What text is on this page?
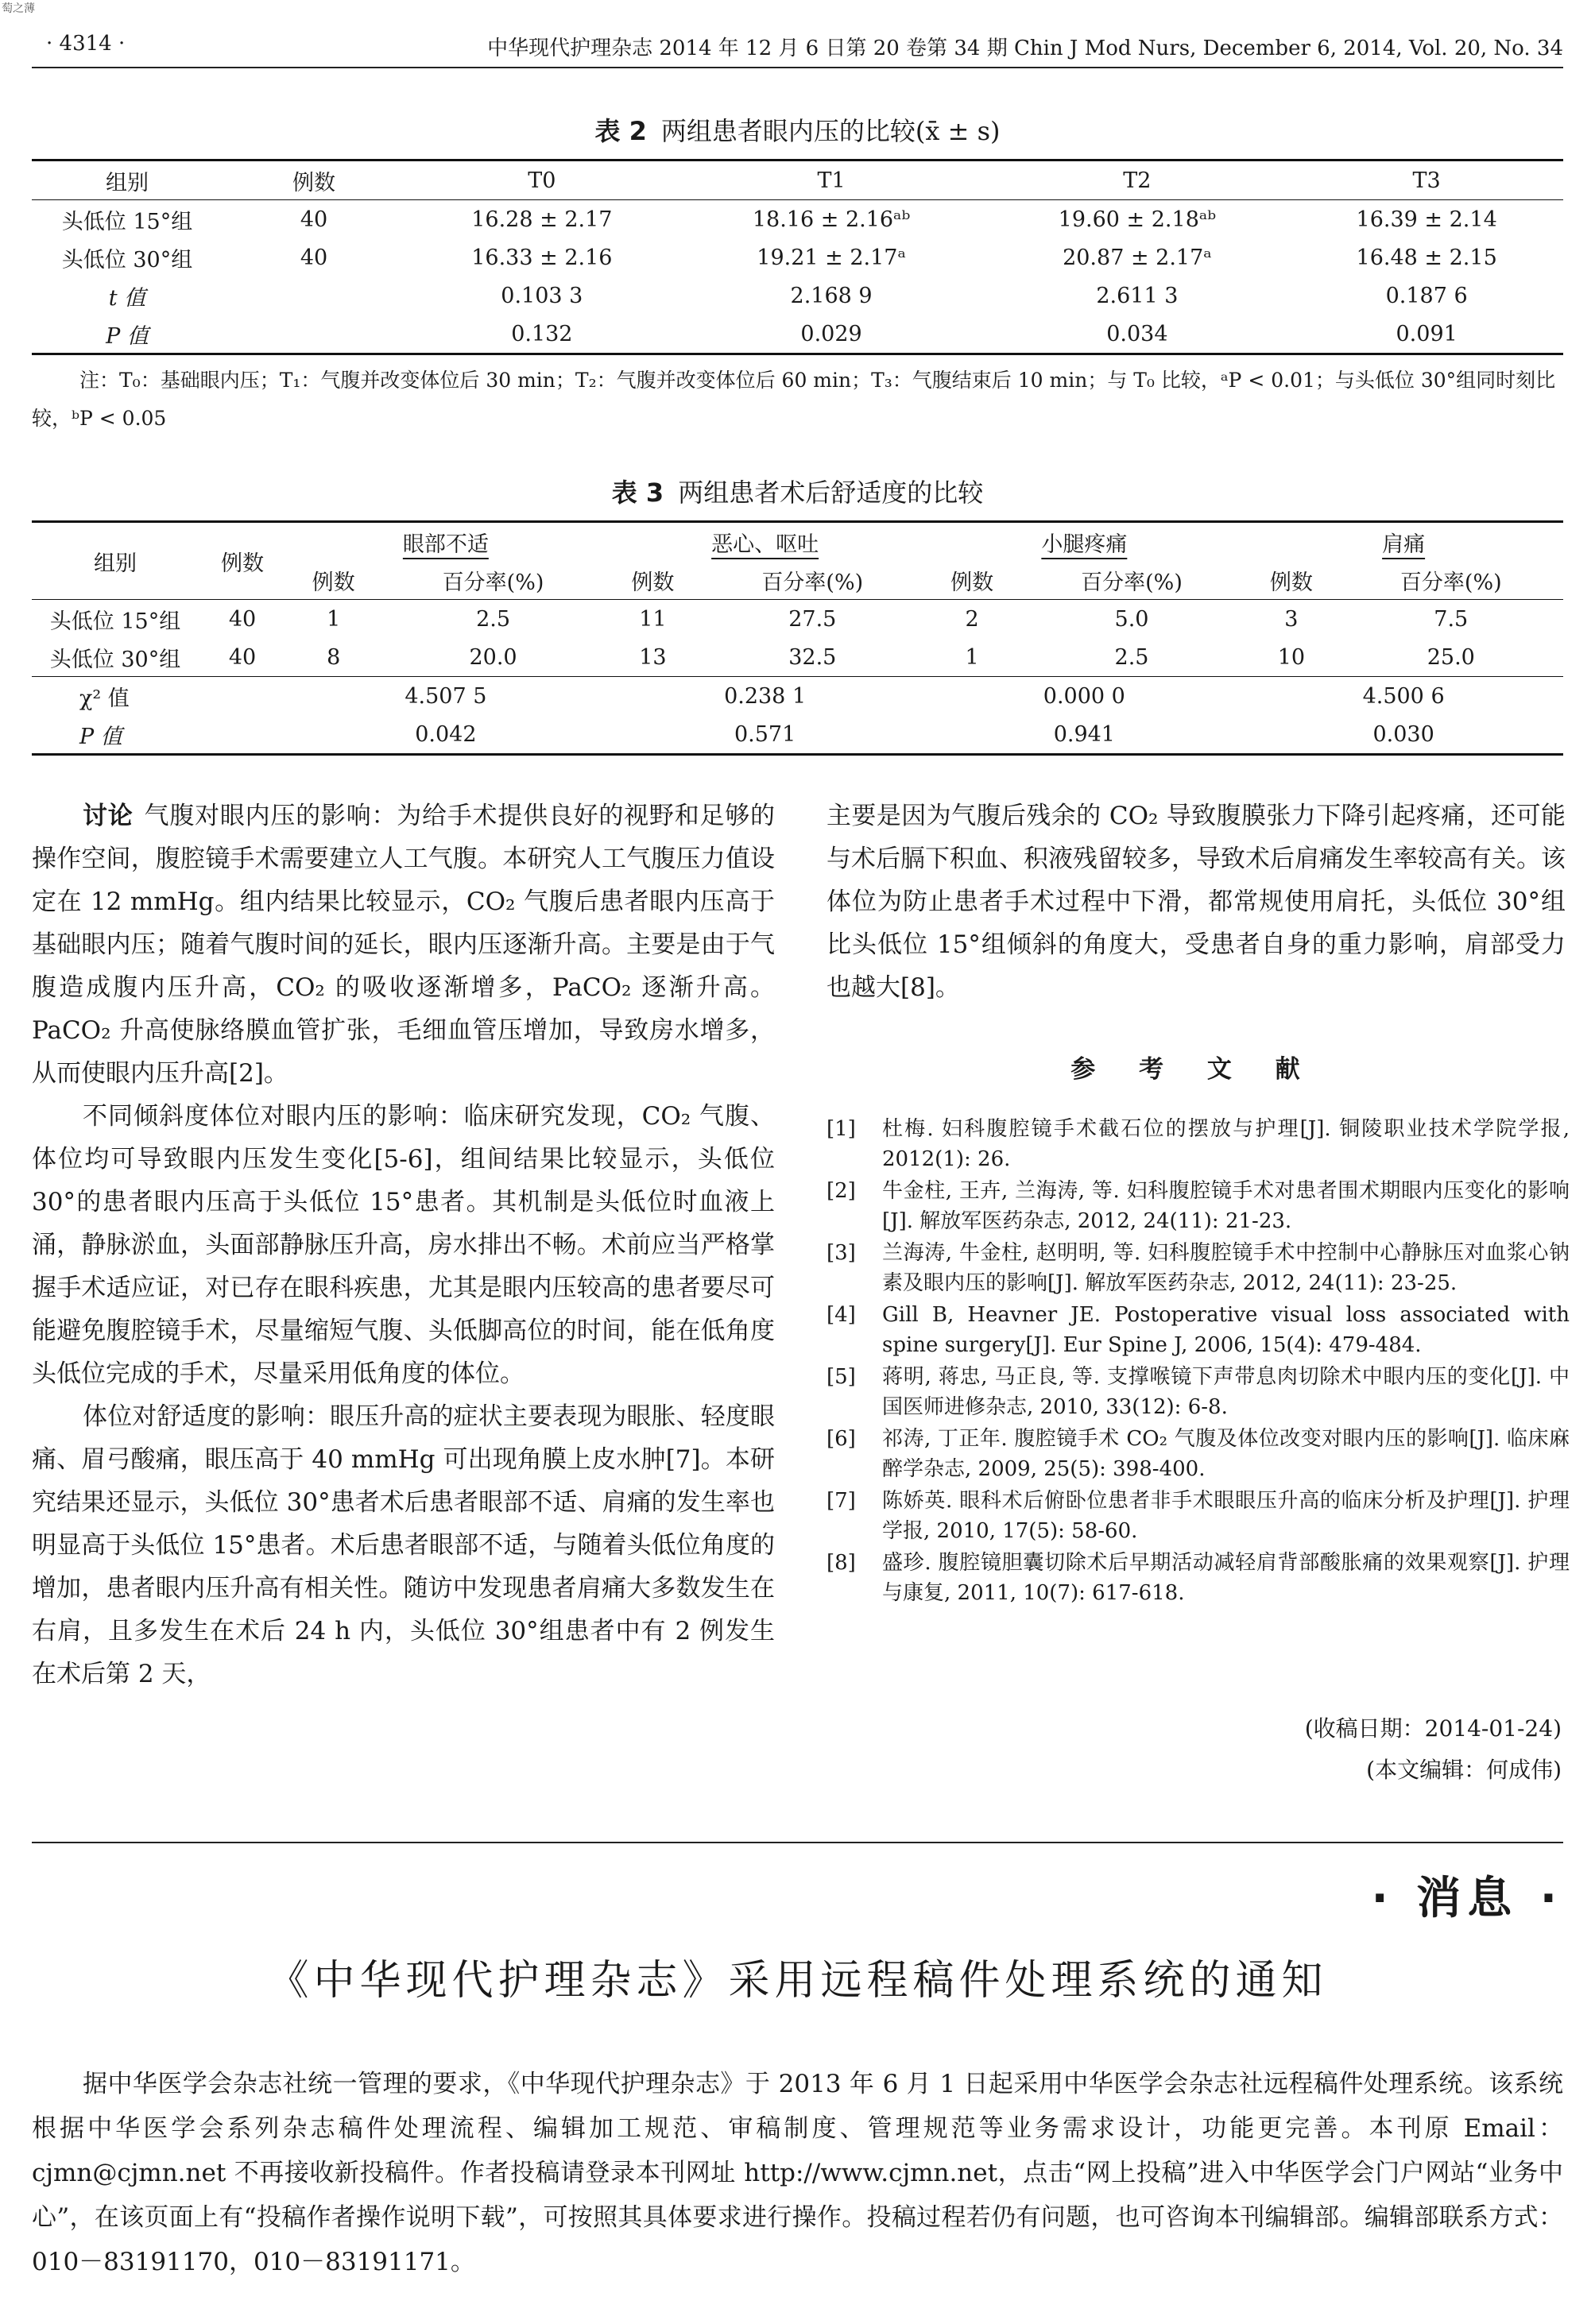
萄之薄
· 4314 ·	中华现代护理杂志 2014 年 12 月 6 日第 20 卷第 34 期 Chin J Mod Nurs, December 6, 2014, Vol. 20, No. 34
表 2 两组患者眼内压的比较(x̄ ± s)
组别	例数	T0	T1	T2	T3
头低位 15°组	40	16.28 ± 2.17	18.16 ± 2.16ᵃᵇ	19.60 ± 2.18ᵃᵇ	16.39 ± 2.14
头低位 30°组	40	16.33 ± 2.16	19.21 ± 2.17ᵃ	20.87 ± 2.17ᵃ	16.48 ± 2.15
t 值		0.103 3	2.168 9	2.611 3	0.187 6
P 值		0.132	0.029	0.034	0.091
注：T₀：基础眼内压；T₁：气腹并改变体位后 30 min；T₂：气腹并改变体位后 60 min；T₃：气腹结束后 10 min；与 T₀ 比较，ᵃP < 0.01；与头低位 30°组同时刻比较，ᵇP < 0.05
表 3 两组患者术后舒适度的比较
组别	例数	眼部不适		恶心、呕吐		小腿疼痛		肩痛	
		例数	百分率(%)	例数	百分率(%)	例数	百分率(%)	例数	百分率(%)
头低位 15°组	40	1	2.5	11	27.5	2	5.0	3	7.5
头低位 30°组	40	8	20.0	13	32.5	1	2.5	10	25.0
χ² 值		4.507 5		0.238 1		0.000 0		4.500 6	
P 值		0.042		0.571		0.941		0.030	

讨论 气腹对眼内压的影响：为给手术提供良好的视野和足够的操作空间，腹腔镜手术需要建立人工气腹。本研究人工气腹压力值设定在 12 mmHg。组内结果比较显示，CO₂ 气腹后患者眼内压高于基础眼内压；随着气腹时间的延长，眼内压逐渐升高。主要是由于气腹造成腹内压升高，CO₂ 的吸收逐渐增多，PaCO₂ 逐渐升高。PaCO₂ 升高使脉络膜血管扩张，毛细血管压增加，导致房水增多，从而使眼内压升高[2]。

不同倾斜度体位对眼内压的影响：临床研究发现，CO₂ 气腹、体位均可导致眼内压发生变化[5-6]，组间结果比较显示，头低位 30°的患者眼内压高于头低位 15°患者。其机制是头低位时血液上涌，静脉淤血，头面部静脉压升高，房水排出不畅。术前应当严格掌握手术适应证，对已存在眼科疾患，尤其是眼内压较高的患者要尽可能避免腹腔镜手术，尽量缩短气腹、头低脚高位的时间，能在低角度头低位完成的手术，尽量采用低角度的体位。

体位对舒适度的影响：眼压升高的症状主要表现为眼胀、轻度眼痛、眉弓酸痛，眼压高于 40 mmHg 可出现角膜上皮水肿[7]。本研究结果还显示，头低位 30°患者术后患者眼部不适、肩痛的发生率也明显高于头低位 15°患者。术后患者眼部不适，与随着头低位角度的增加，患者眼内压升高有相关性。随访中发现患者肩痛大多数发生在右肩，且多发生在术后 24 h 内，头低位 30°组患者中有 2 例发生在术后第 2 天，

主要是因为气腹后残余的 CO₂ 导致腹膜张力下降引起疼痛，还可能与术后膈下积血、积液残留较多，导致术后肩痛发生率较高有关。该体位为防止患者手术过程中下滑，都常规使用肩托，头低位 30°组比头低位 15°组倾斜的角度大，受患者自身的重力影响，肩部受力也越大[8]。

参 考 文 献
[1]	杜梅. 妇科腹腔镜手术截石位的摆放与护理[J]. 铜陵职业技术学院学报, 2012(1): 26.
[2]	牛金柱, 王卉, 兰海涛, 等. 妇科腹腔镜手术对患者围术期眼内压变化的影响[J]. 解放军医药杂志, 2012, 24(11): 21-23.
[3]	兰海涛, 牛金柱, 赵明明, 等. 妇科腹腔镜手术中控制中心静脉压对血浆心钠素及眼内压的影响[J]. 解放军医药杂志, 2012, 24(11): 23-25.
[4]	Gill B, Heavner JE. Postoperative visual loss associated with spine surgery[J]. Eur Spine J, 2006, 15(4): 479-484.
[5]	蒋明, 蒋忠, 马正良, 等. 支撑喉镜下声带息肉切除术中眼内压的变化[J]. 中国医师进修杂志, 2010, 33(12): 6-8.
[6]	祁涛, 丁正年. 腹腔镜手术 CO₂ 气腹及体位改变对眼内压的影响[J]. 临床麻醉学杂志, 2009, 25(5): 398-400.
[7]	陈娇英. 眼科术后俯卧位患者非手术眼眼压升高的临床分析及护理[J]. 护理学报, 2010, 17(5): 58-60.
[8]	盛珍. 腹腔镜胆囊切除术后早期活动减轻肩背部酸胀痛的效果观察[J]. 护理与康复, 2011, 10(7): 617-618.
(收稿日期：2014-01-24)
(本文编辑：何成伟)
· 消息 ·
《中华现代护理杂志》采用远程稿件处理系统的通知
据中华医学会杂志社统一管理的要求，《中华现代护理杂志》于 2013 年 6 月 1 日起采用中华医学会杂志社远程稿件处理系统。该系统根据中华医学会系列杂志稿件处理流程、编辑加工规范、审稿制度、管理规范等业务需求设计，功能更完善。本刊原 Email：cjmn@cjmn.net 不再接收新投稿件。作者投稿请登录本刊网址 http://www.cjmn.net，点击“网上投稿”进入中华医学会门户网站“业务中心”，在该页面上有“投稿作者操作说明下载”，可按照其具体要求进行操作。投稿过程若仍有问题，也可咨询本刊编辑部。编辑部联系方式：010－83191170，010－83191171。
